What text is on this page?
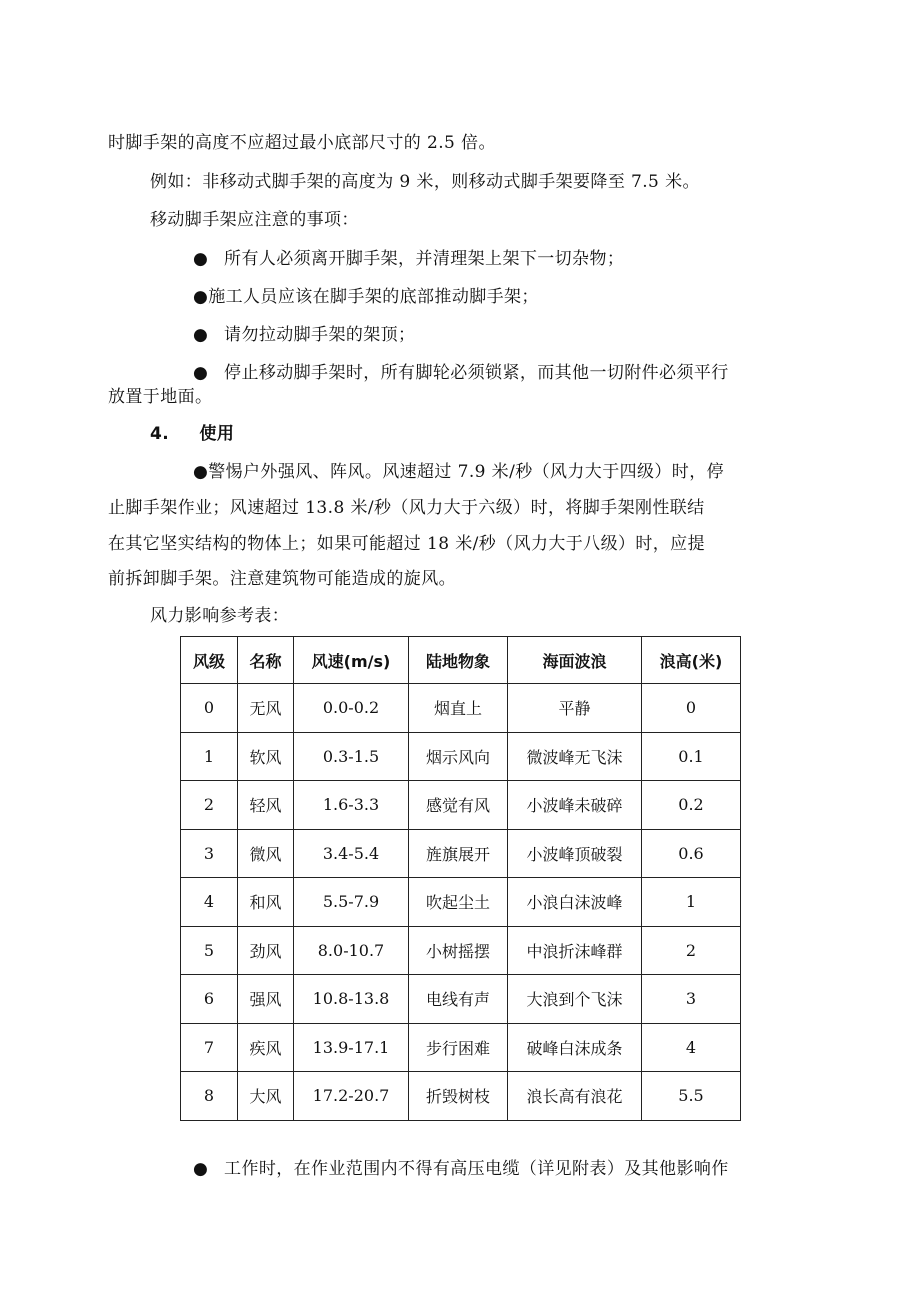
时脚手架的高度不应超过最小底部尺寸的 2.5 倍。
例如：非移动式脚手架的高度为 9 米，则移动式脚手架要降至 7.5 米。
移动脚手架应注意的事项：
● 所有人必须离开脚手架，并清理架上架下一切杂物；
●施工人员应该在脚手架的底部推动脚手架；
● 请勿拉动脚手架的架顶；
● 停止移动脚手架时，所有脚轮必须锁紧，而其他一切附件必须平行
放置于地面。
4. 使用
●警惕户外强风、阵风。风速超过 7.9 米/秒（风力大于四级）时，停
止脚手架作业；风速超过 13.8 米/秒（风力大于六级）时，将脚手架刚性联结
在其它坚实结构的物体上；如果可能超过 18 米/秒（风力大于八级）时，应提
前拆卸脚手架。注意建筑物可能造成的旋风。
风力影响参考表：
风级	名称	风速(m/s)	陆地物象	海面波浪	浪高(米)
0	无风	0.0-0.2	烟直上	平静	0
1	软风	0.3-1.5	烟示风向	微波峰无飞沫	0.1
2	轻风	1.6-3.3	感觉有风	小波峰未破碎	0.2
3	微风	3.4-5.4	旌旗展开	小波峰顶破裂	0.6
4	和风	5.5-7.9	吹起尘土	小浪白沫波峰	1
5	劲风	8.0-10.7	小树摇摆	中浪折沫峰群	2
6	强风	10.8-13.8	电线有声	大浪到个飞沫	3
7	疾风	13.9-17.1	步行困难	破峰白沫成条	4
8	大风	17.2-20.7	折毁树枝	浪长高有浪花	5.5
● 工作时，在作业范围内不得有高压电缆（详见附表）及其他影响作
